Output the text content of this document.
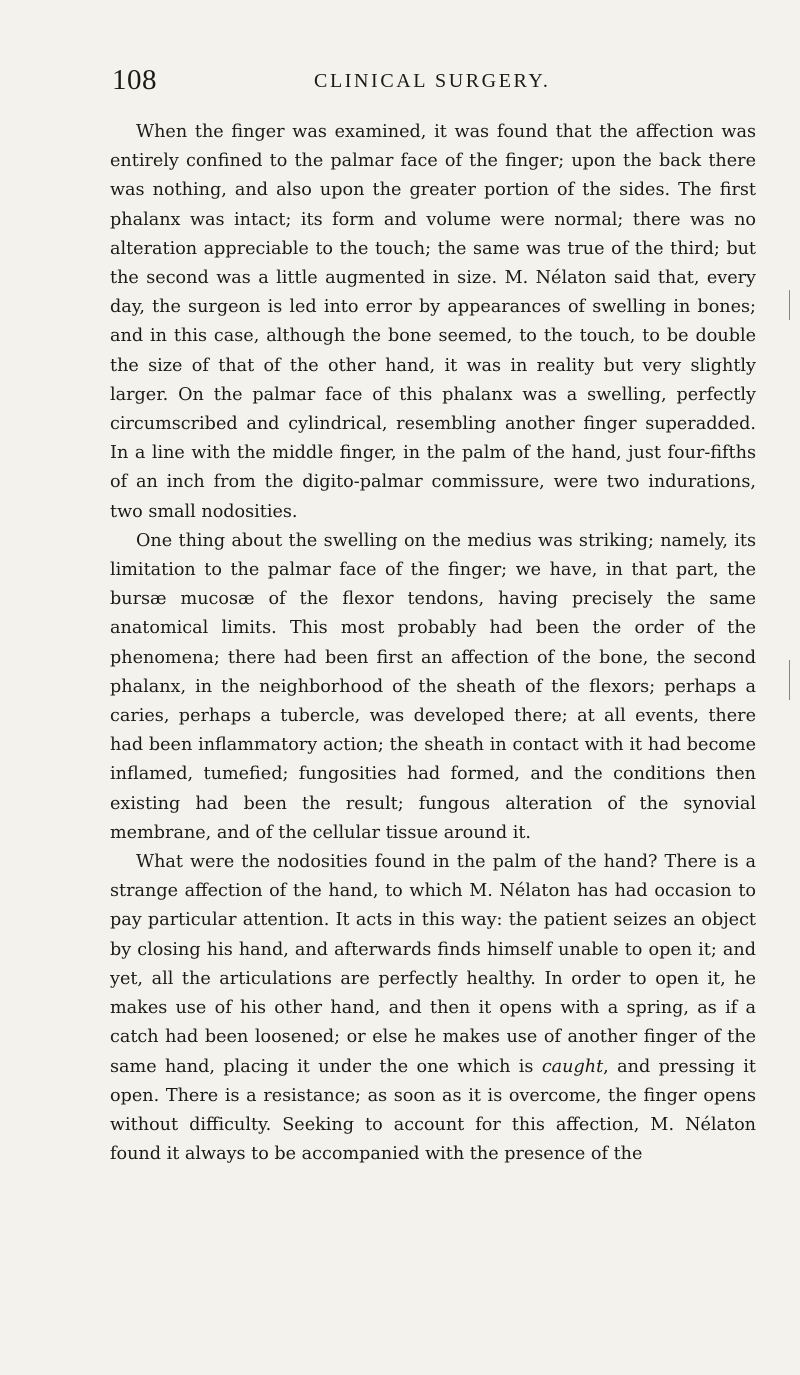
108	CLINICAL SURGERY.

When the finger was examined, it was found that the affection was entirely confined to the palmar face of the finger; upon the back there was nothing, and also upon the greater portion of the sides. The first phalanx was intact; its form and volume were normal; there was no alteration appreciable to the touch; the same was true of the third; but the second was a little augmented in size. M. Nélaton said that, every day, the surgeon is led into error by appearances of swelling in bones; and in this case, although the bone seemed, to the touch, to be double the size of that of the other hand, it was in reality but very slightly larger. On the palmar face of this phalanx was a swelling, perfectly circumscribed and cylindrical, resembling another finger superadded. In a line with the middle finger, in the palm of the hand, just four-fifths of an inch from the digito-palmar commissure, were two indurations, two small nodosities.

One thing about the swelling on the medius was striking; namely, its limitation to the palmar face of the finger; we have, in that part, the bursæ mucosæ of the flexor tendons, having precisely the same anatomical limits. This most probably had been the order of the phenomena; there had been first an affection of the bone, the second phalanx, in the neighborhood of the sheath of the flexors; perhaps a caries, perhaps a tubercle, was developed there; at all events, there had been inflammatory action; the sheath in contact with it had become inflamed, tumefied; fungosities had formed, and the conditions then existing had been the result; fungous alteration of the synovial membrane, and of the cellular tissue around it.

What were the nodosities found in the palm of the hand? There is a strange affection of the hand, to which M. Nélaton has had occasion to pay particular attention. It acts in this way: the patient seizes an object by closing his hand, and afterwards finds himself unable to open it; and yet, all the articulations are perfectly healthy. In order to open it, he makes use of his other hand, and then it opens with a spring, as if a catch had been loosened; or else he makes use of another finger of the same hand, placing it under the one which is caught, and pressing it open. There is a resistance; as soon as it is overcome, the finger opens without difficulty. Seeking to account for this affection, M. Nélaton found it always to be accompanied with the presence of the
